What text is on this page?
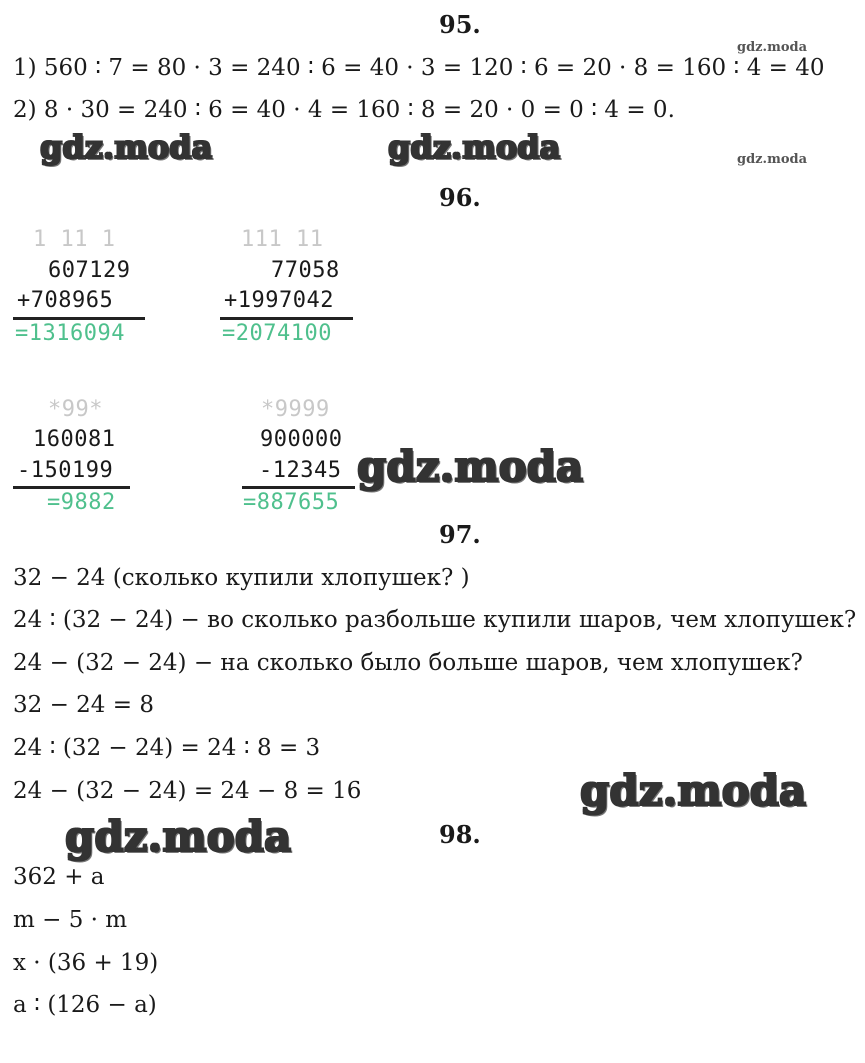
95.
gdz.moda
1) 560 ∶ 7 = 80 · 3 = 240 ∶ 6 = 40 · 3 = 120 ∶ 6 = 20 · 8 = 160 ∶ 4 = 40
2) 8 · 30 = 240 ∶ 6 = 40 · 4 = 160 ∶ 8 = 20 · 0 = 0 ∶ 4 = 0.
gdz.moda	gdz.moda	gdz.moda
96.
1 11 1
607129
+708965
=1316094
111 11
77058
+1997042
=2074100
*99*
160081
-150199
=9882
*9999
900000
-12345
=887655
gdz.moda
97.
32 − 24 (сколько купили хлопушек? )
24 ∶ (32 − 24) − во сколько разбольше купили шаров, чем хлопушек?
24 − (32 − 24) − на сколько было больше шаров, чем хлопушек?
32 − 24 = 8
24 ∶ (32 − 24) = 24 ∶ 8 = 3
24 − (32 − 24) = 24 − 8 = 16	gdz.moda
gdz.moda	98.
362 + a
m − 5 · m
x · (36 + 19)
a ∶ (126 − a)
